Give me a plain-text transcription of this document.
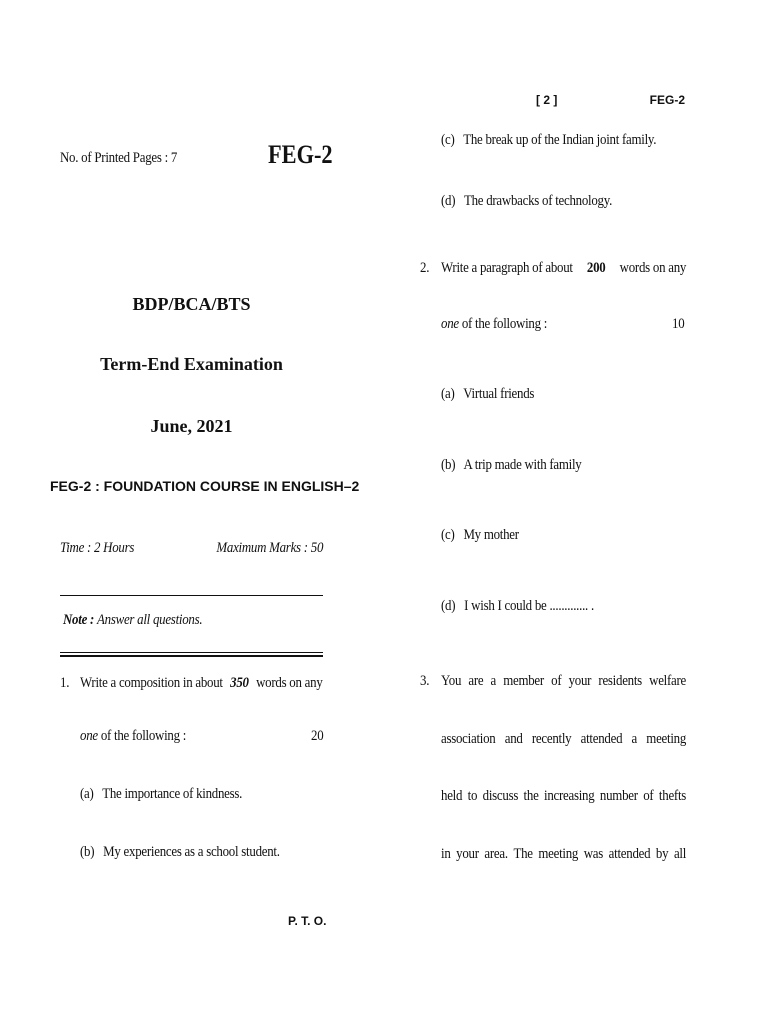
No. of Printed Pages : 7	FEG-2
BDP/BCA/BTS
Term-End Examination
June, 2021
FEG-2 : FOUNDATION COURSE IN ENGLISH–2
Time : 2 Hours	Maximum Marks : 50
Note : Answer all questions.
1. Write a composition in about 350 words on any
one of the following :	20
(a) The importance of kindness.
(b) My experiences as a school student.
P. T. O.
[ 2 ]	FEG-2
(c) The break up of the Indian joint family.
(d) The drawbacks of technology.
2. Write a paragraph of about 200 words on any
one of the following :	10
(a) Virtual friends
(b) A trip made with family
(c) My mother
(d) I wish I could be ............. .
3. You are a member of your residents welfare
association and recently attended a meeting
held to discuss the increasing number of thefts
in your area. The meeting was attended by all
